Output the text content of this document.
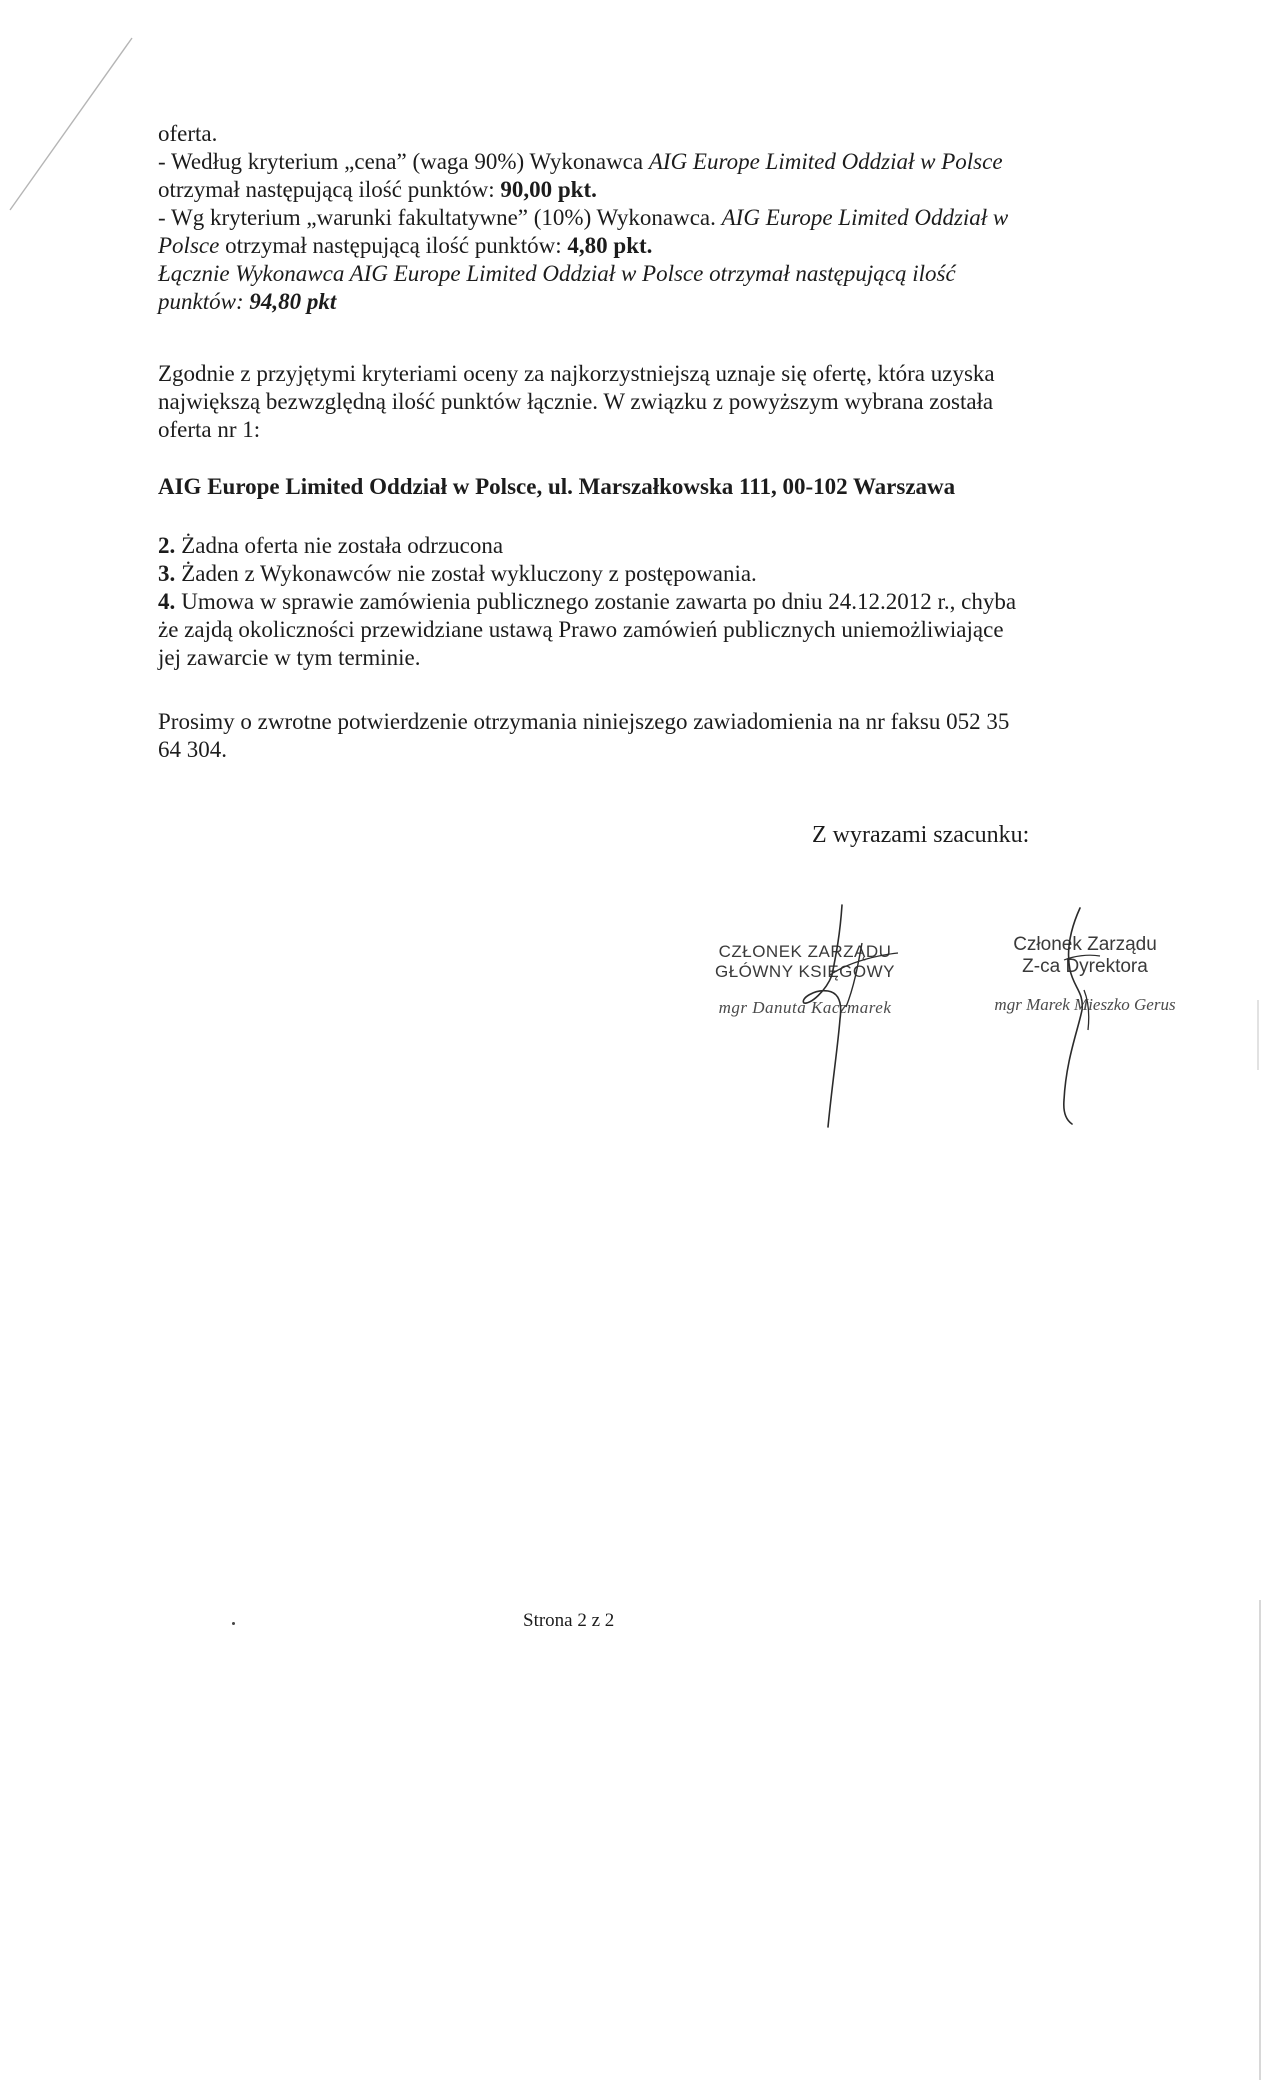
oferta.
- Według kryterium „cena” (waga 90%) Wykonawca AIG Europe Limited Oddział w Polsce
otrzymał następującą ilość punktów: 90,00 pkt.
- Wg kryterium „warunki fakultatywne” (10%) Wykonawca. AIG Europe Limited Oddział w
Polsce otrzymał następującą ilość punktów: 4,80 pkt.
Łącznie Wykonawca AIG Europe Limited Oddział w Polsce otrzymał następującą ilość
punktów: 94,80 pkt
Zgodnie z przyjętymi kryteriami oceny za najkorzystniejszą uznaje się ofertę, która uzyska
największą bezwzględną ilość punktów łącznie. W związku z powyższym wybrana została
oferta nr 1:
AIG Europe Limited Oddział w Polsce, ul. Marszałkowska 111, 00-102 Warszawa
2. Żadna oferta nie została odrzucona
3. Żaden z Wykonawców nie został wykluczony z postępowania.
4. Umowa w sprawie zamówienia publicznego zostanie zawarta po dniu 24.12.2012 r., chyba
że zajdą okoliczności przewidziane ustawą Prawo zamówień publicznych uniemożliwiające
jej zawarcie w tym terminie.
Prosimy o zwrotne potwierdzenie otrzymania niniejszego zawiadomienia na nr faksu 052 35
64 304.
Z wyrazami szacunku:
CZŁONEK ZARZĄDU
GŁÓWNY KSIĘGOWY
mgr Danuta Kaczmarek
Członek Zarządu
Z-ca Dyrektora
mgr Marek Mieszko Gerus
Strona 2 z 2
